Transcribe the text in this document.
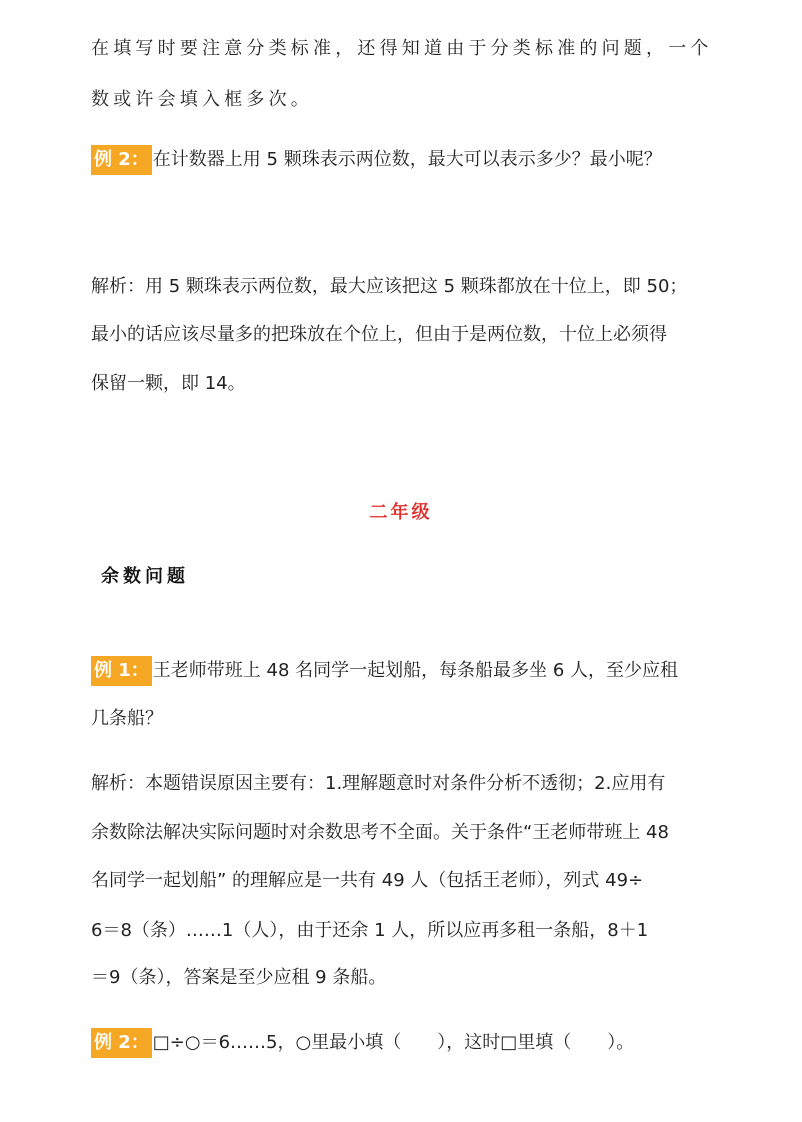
在填写时要注意分类标准，还得知道由于分类标准的问题，一个
数或许会填入框多次。
例 2： 在计数器上用 5 颗珠表示两位数，最大可以表示多少？最小呢？
解析：用 5 颗珠表示两位数，最大应该把这 5 颗珠都放在十位上，即 50；
最小的话应该尽量多的把珠放在个位上，但由于是两位数，十位上必须得
保留一颗，即 14。
二年级
余数问题
例 1： 王老师带班上 48 名同学一起划船，每条船最多坐 6 人，至少应租
几条船？
解析：本题错误原因主要有：1.理解题意时对条件分析不透彻；2.应用有
余数除法解决实际问题时对余数思考不全面。关于条件“王老师带班上 48
名同学一起划船” 的理解应是一共有 49 人（包括王老师），列式 49÷
6＝8（条）……1（人），由于还余 1 人，所以应再多租一条船，8＋1
＝9（条），答案是至少应租 9 条船。
例 2： □÷○＝6……5，○里最小填（　　），这时□里填（　　）。
